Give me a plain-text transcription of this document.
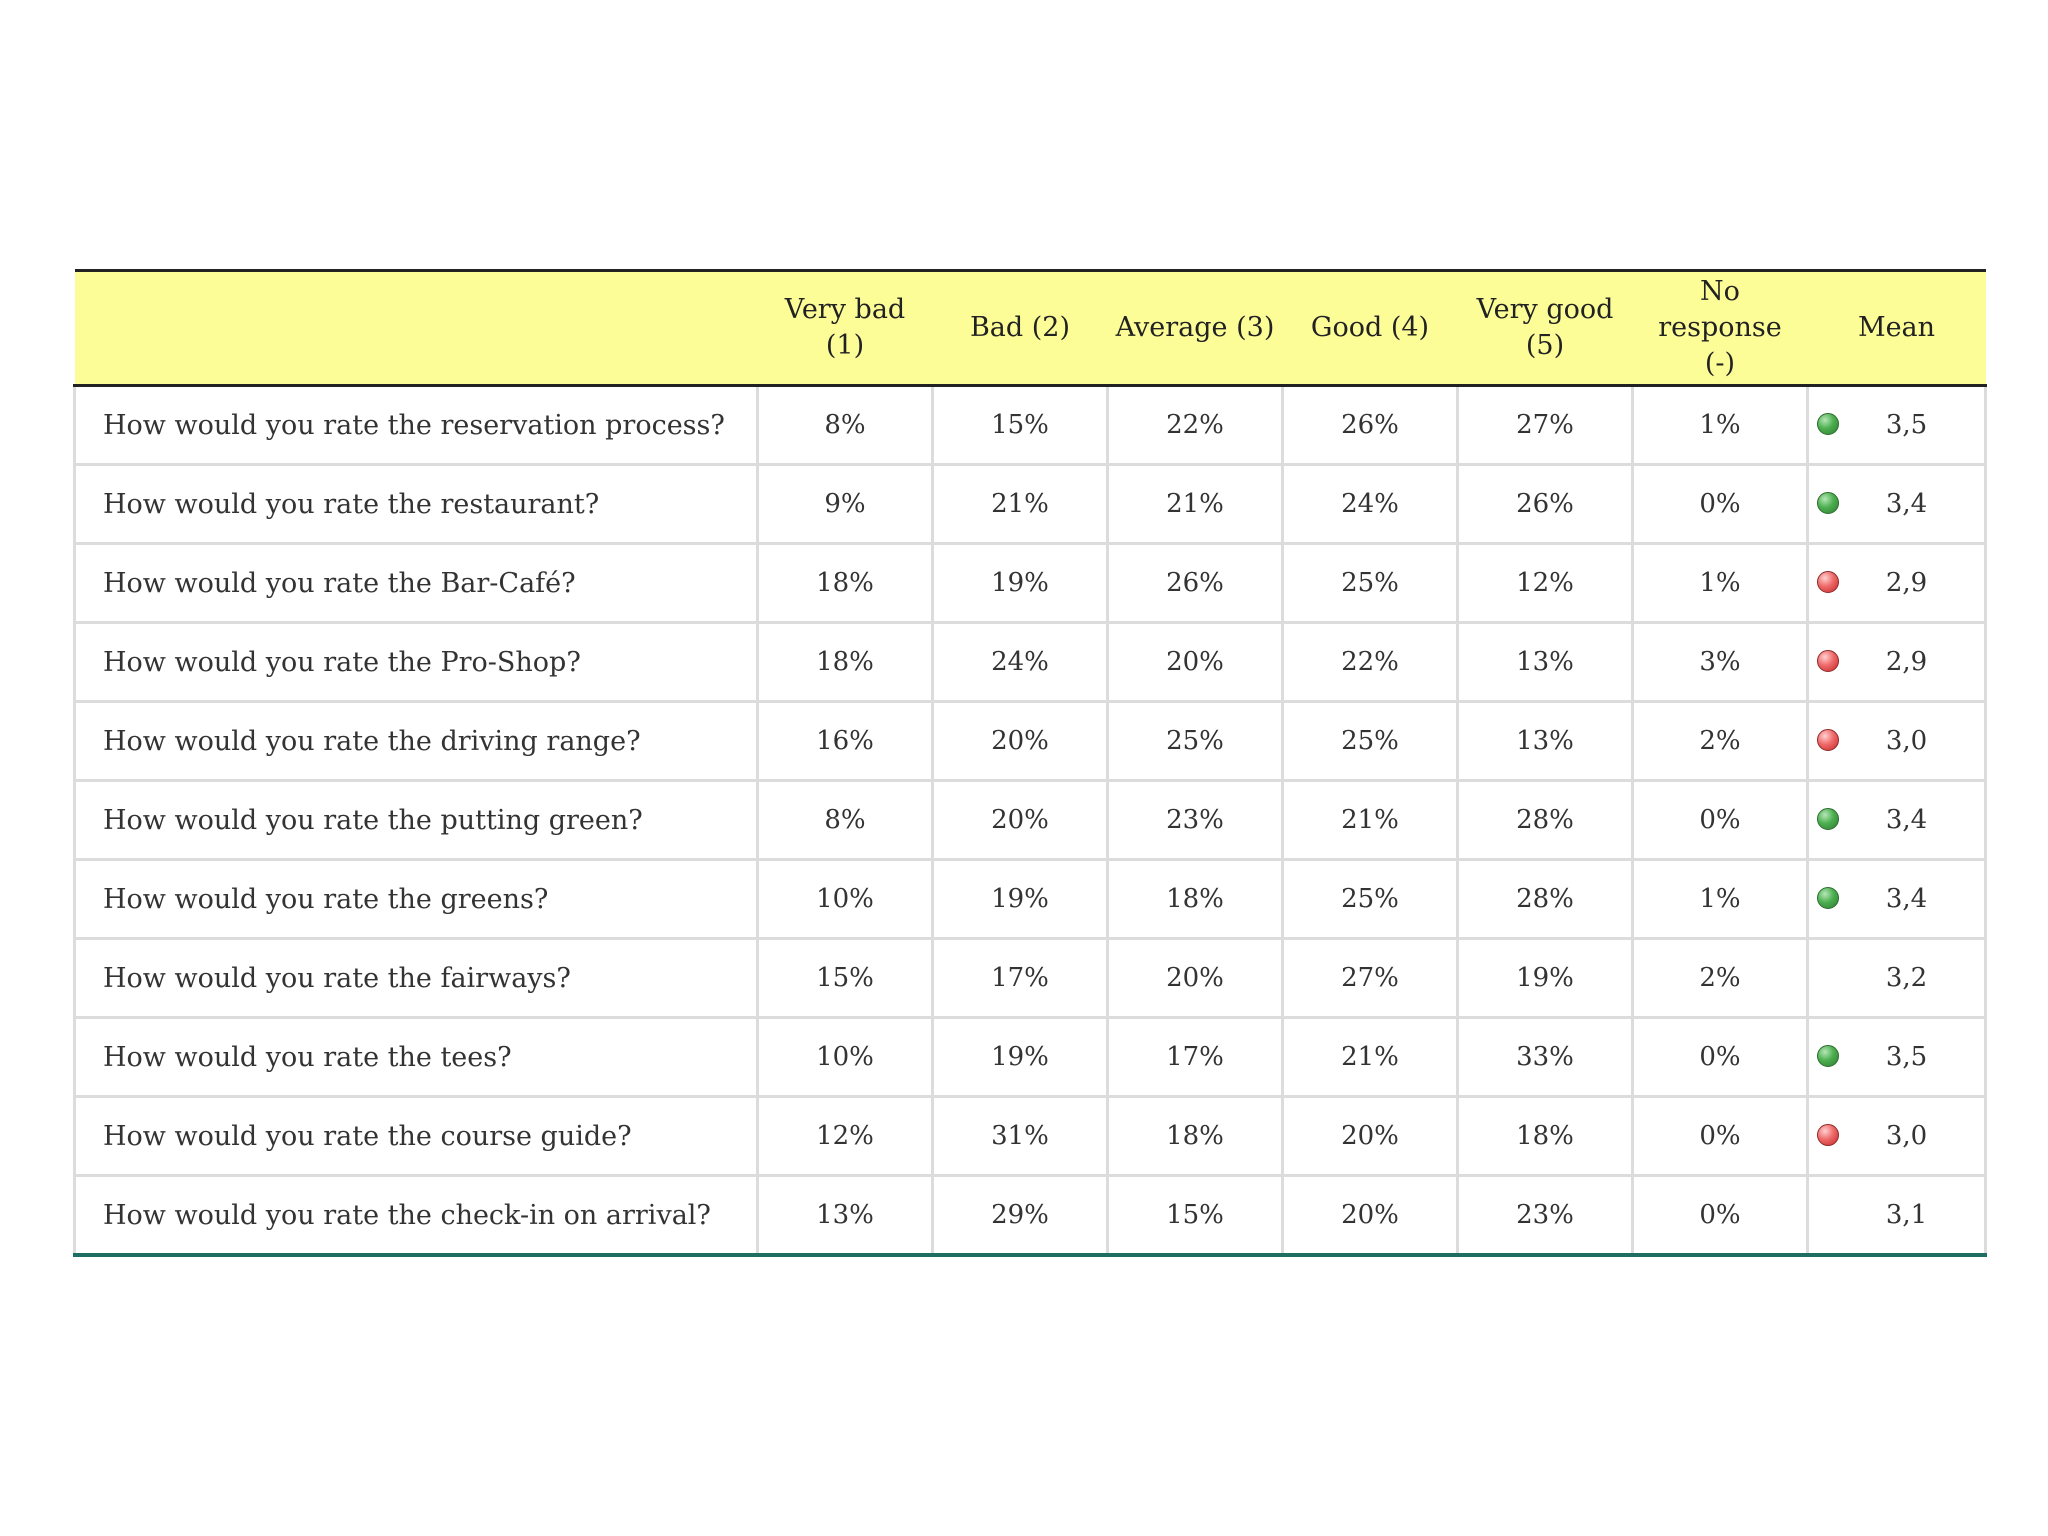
	Very bad (1)	Bad (2)	Average (3)	Good (4)	Very good (5)	No response (-)	Mean
How would you rate the reservation process?	8%	15%	22%	26%	27%	1%	3,5
How would you rate the restaurant?	9%	21%	21%	24%	26%	0%	3,4
How would you rate the Bar-Café?	18%	19%	26%	25%	12%	1%	2,9
How would you rate the Pro-Shop?	18%	24%	20%	22%	13%	3%	2,9
How would you rate the driving range?	16%	20%	25%	25%	13%	2%	3,0
How would you rate the putting green?	8%	20%	23%	21%	28%	0%	3,4
How would you rate the greens?	10%	19%	18%	25%	28%	1%	3,4
How would you rate the fairways?	15%	17%	20%	27%	19%	2%	3,2
How would you rate the tees?	10%	19%	17%	21%	33%	0%	3,5
How would you rate the course guide?	12%	31%	18%	20%	18%	0%	3,0
How would you rate the check-in on arrival?	13%	29%	15%	20%	23%	0%	3,1
